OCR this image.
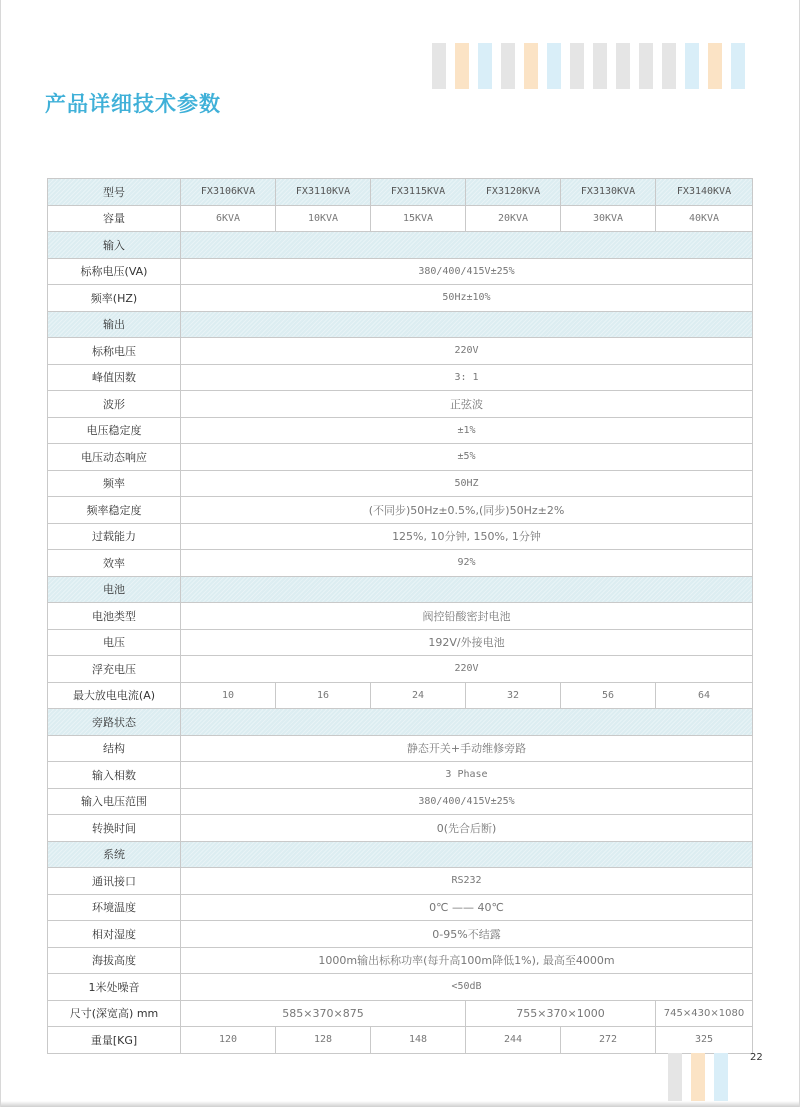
产品详细技术参数
型号	FX3106KVA	FX3110KVA	FX3115KVA	FX3120KVA	FX3130KVA	FX3140KVA
容量	6KVA	10KVA	15KVA	20KVA	30KVA	40KVA
输入						
标称电压(VA)	380/400/415V±25%					
频率(HZ)	50Hz±10%					
输出						
标称电压	220V					
峰值因数	3: 1					
波形	正弦波					
电压稳定度	±1%					
电压动态响应	±5%					
频率	50HZ					
频率稳定度	(不同步)50Hz±0.5%,(同步)50Hz±2%					
过载能力	125%, 10分钟, 150%, 1分钟					
效率	92%					
电池						
电池类型	阀控铅酸密封电池					
电压	192V/外接电池					
浮充电压	220V					
最大放电电流(A)	10	16	24	32	56	64
旁路状态						
结构	静态开关+手动维修旁路					
输入相数	3 Phase					
输入电压范围	380/400/415V±25%					
转换时间	0(先合后断)					
系统						
通讯接口	RS232					
环境温度	0℃ —— 40℃					
相对湿度	0-95%不结露					
海拔高度	1000m输出标称功率(每升高100m降低1%), 最高至4000m					
1米处噪音	<50dB					
尺寸(深宽高) mm	585×370×875			755×370×1000		745×430×1080
重量[KG]	120	128	148	244	272	325
22
